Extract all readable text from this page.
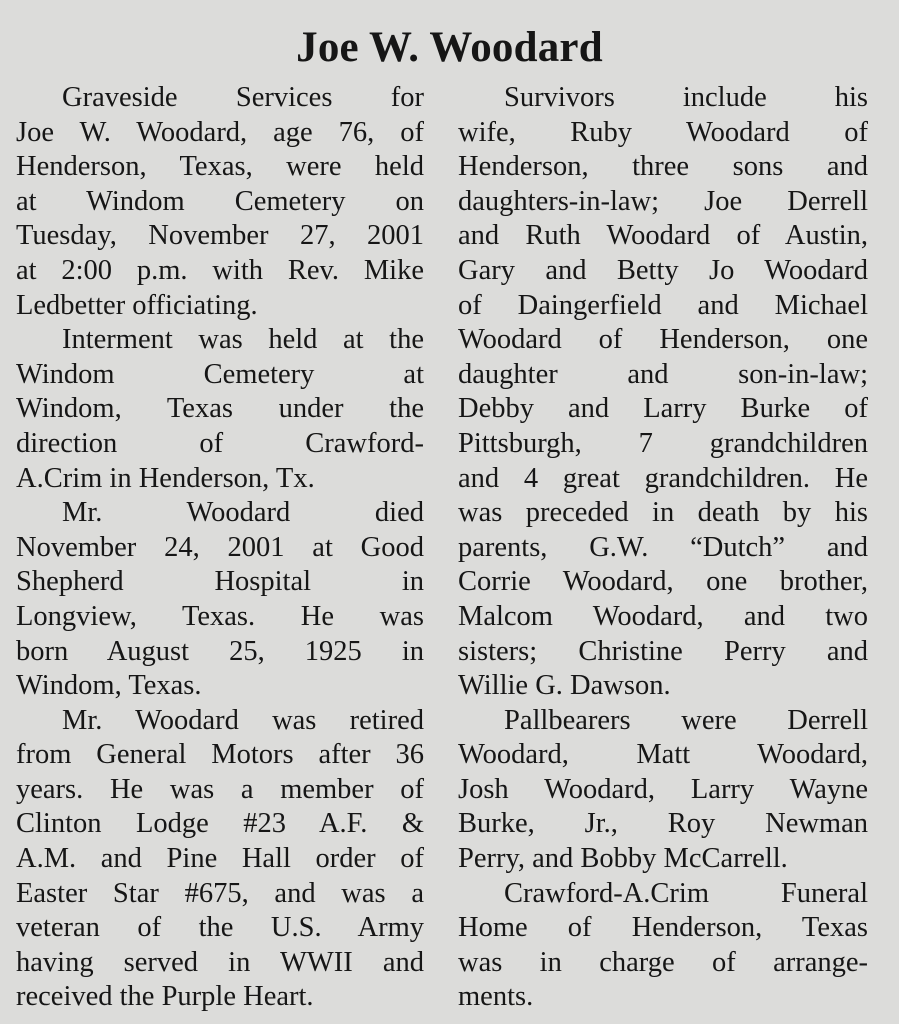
Joe W. Woodard
Graveside Services for
Joe W. Woodard, age 76, of
Henderson, Texas, were held
at Windom Cemetery on
Tuesday, November 27, 2001
at 2:00 p.m. with Rev. Mike
Ledbetter officiating.
Interment was held at the
Windom Cemetery at
Windom, Texas under the
direction of Crawford-
A.Crim in Henderson, Tx.
Mr. Woodard died
November 24, 2001 at Good
Shepherd Hospital in
Longview, Texas. He was
born August 25, 1925 in
Windom, Texas.
Mr. Woodard was retired
from General Motors after 36
years. He was a member of
Clinton Lodge #23 A.F. &
A.M. and Pine Hall order of
Easter Star #675, and was a
veteran of the U.S. Army
having served in WWII and
received the Purple Heart.
Survivors include his
wife, Ruby Woodard of
Henderson, three sons and
daughters-in-law; Joe Derrell
and Ruth Woodard of Austin,
Gary and Betty Jo Woodard
of Daingerfield and Michael
Woodard of Henderson, one
daughter and son-in-law;
Debby and Larry Burke of
Pittsburgh, 7 grandchildren
and 4 great grandchildren. He
was preceded in death by his
parents, G.W. “Dutch” and
Corrie Woodard, one brother,
Malcom Woodard, and two
sisters; Christine Perry and
Willie G. Dawson.
Pallbearers were Derrell
Woodard, Matt Woodard,
Josh Woodard, Larry Wayne
Burke, Jr., Roy Newman
Perry, and Bobby McCarrell.
Crawford-A.Crim Funeral
Home of Henderson, Texas
was in charge of arrange-
ments.
